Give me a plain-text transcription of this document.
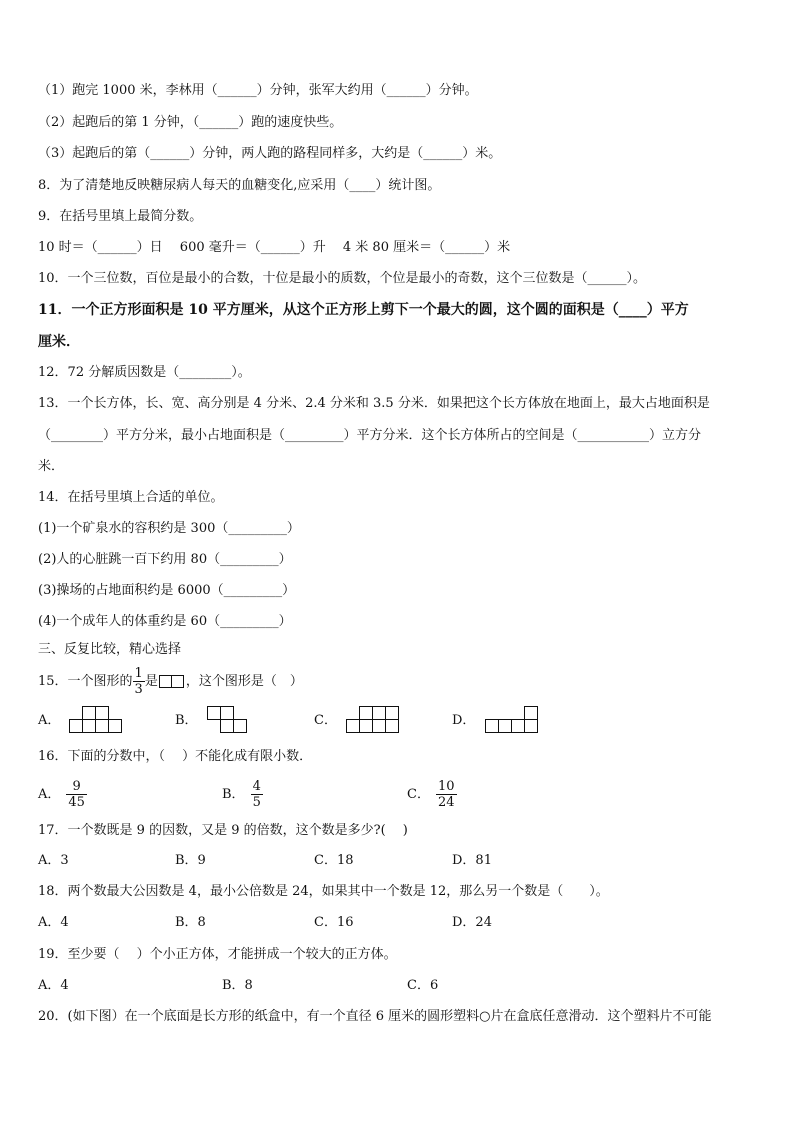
（1）跑完 1000 米，李林用（______）分钟，张军大约用（______）分钟。
（2）起跑后的第 1 分钟，（______）跑的速度快些。
（3）起跑后的第（______）分钟，两人跑的路程同样多，大约是（______）米。
8．为了清楚地反映糖尿病人每天的血糖变化,应采用（____）统计图。
9．在括号里填上最简分数。
10 时＝（______）日　 600 毫升＝（______）升　 4 米 80 厘米＝（______）米
10．一个三位数，百位是最小的合数，十位是最小的质数，个位是最小的奇数，这个三位数是（______）。
11．一个正方形面积是 10 平方厘米，从这个正方形上剪下一个最大的圆，这个圆的面积是（____）平方
厘米．
12．72 分解质因数是（________）。
13．一个长方体，长、宽、高分别是 4 分米、2.4 分米和 3.5 分米．如果把这个长方体放在地面上，最大占地面积是
（________）平方分米，最小占地面积是（_________）平方分米．这个长方体所占的空间是（___________）立方分
米．
14．在括号里填上合适的单位。
(1)一个矿泉水的容积约是 300（_________）
(2)人的心脏跳一百下约用 80（_________）
(3)操场的占地面积约是 6000（_________）
(4)一个成年人的体重约是 60（_________）
三、反复比较，精心选择
15．一个图形的 $\frac{1}{3}$ 是 ，这个图形是（　）
A．	B．	C．	D．
16．下面的分数中，（　 ）不能化成有限小数．
A． $\frac{9}{45}$	B． $\frac{4}{5}$	C． $\frac{10}{24}$
17．一个数既是 9 的因数，又是 9 的倍数，这个数是多少?(　 )
A．3	B．9	C．18	D．81
18．两个数最大公因数是 4，最小公倍数是 24，如果其中一个数是 12，那么另一个数是（　　）。
A．4	B．8	C．16	D．24
19．至少要（　 ）个小正方体，才能拼成一个较大的正方体。
A．4	B．8	C．6
20．(如下图）在一个底面是长方形的纸盒中，有一个直径 6 厘米的圆形塑料○片在盒底任意滑动．这个塑料片不可能
